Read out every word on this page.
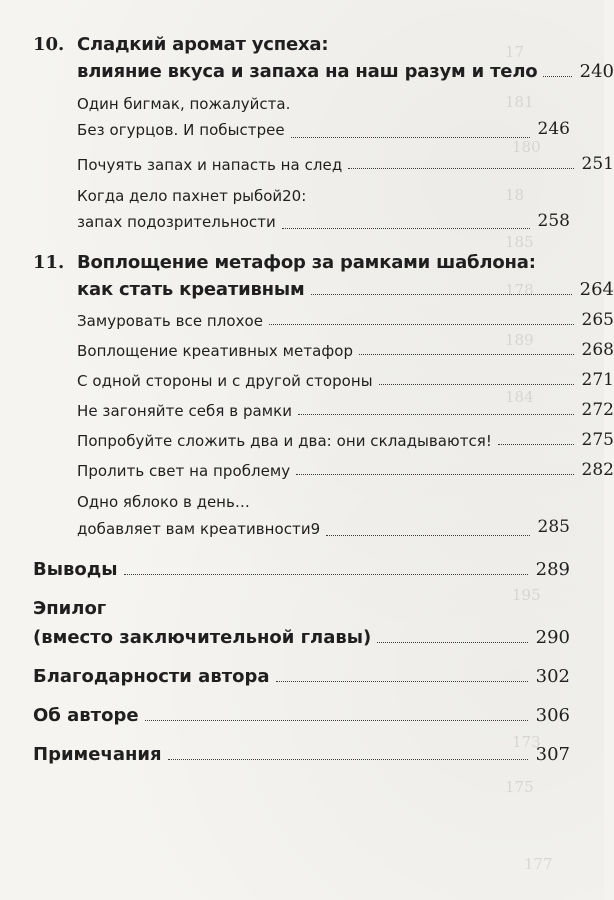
17
181
180
18
185
178
189
184
195
173
175
177
10. Сладкий аромат успеха:
влияние вкуса и запаха на наш разум и тело 240
Один бигмак, пожалуйста.
Без огурцов. И побыстрее	246
Почуять запах и напасть на след	251
Когда дело пахнет рыбой20:
запах подозрительности	258
11. Воплощение метафор за рамками шаблона:
как стать креативным	264
Замуровать все плохое	265
Воплощение креативных метафор	268
С одной стороны и с другой стороны	271
Не загоняйте себя в рамки	272
Попробуйте сложить два и два: они складываются!	275
Пролить свет на проблему	282
Одно яблоко в день…
добавляет вам креативности9	285
Выводы	289
Эпилог
(вместо заключительной главы)	290
Благодарности автора	302
Об авторе	306
Примечания	307
